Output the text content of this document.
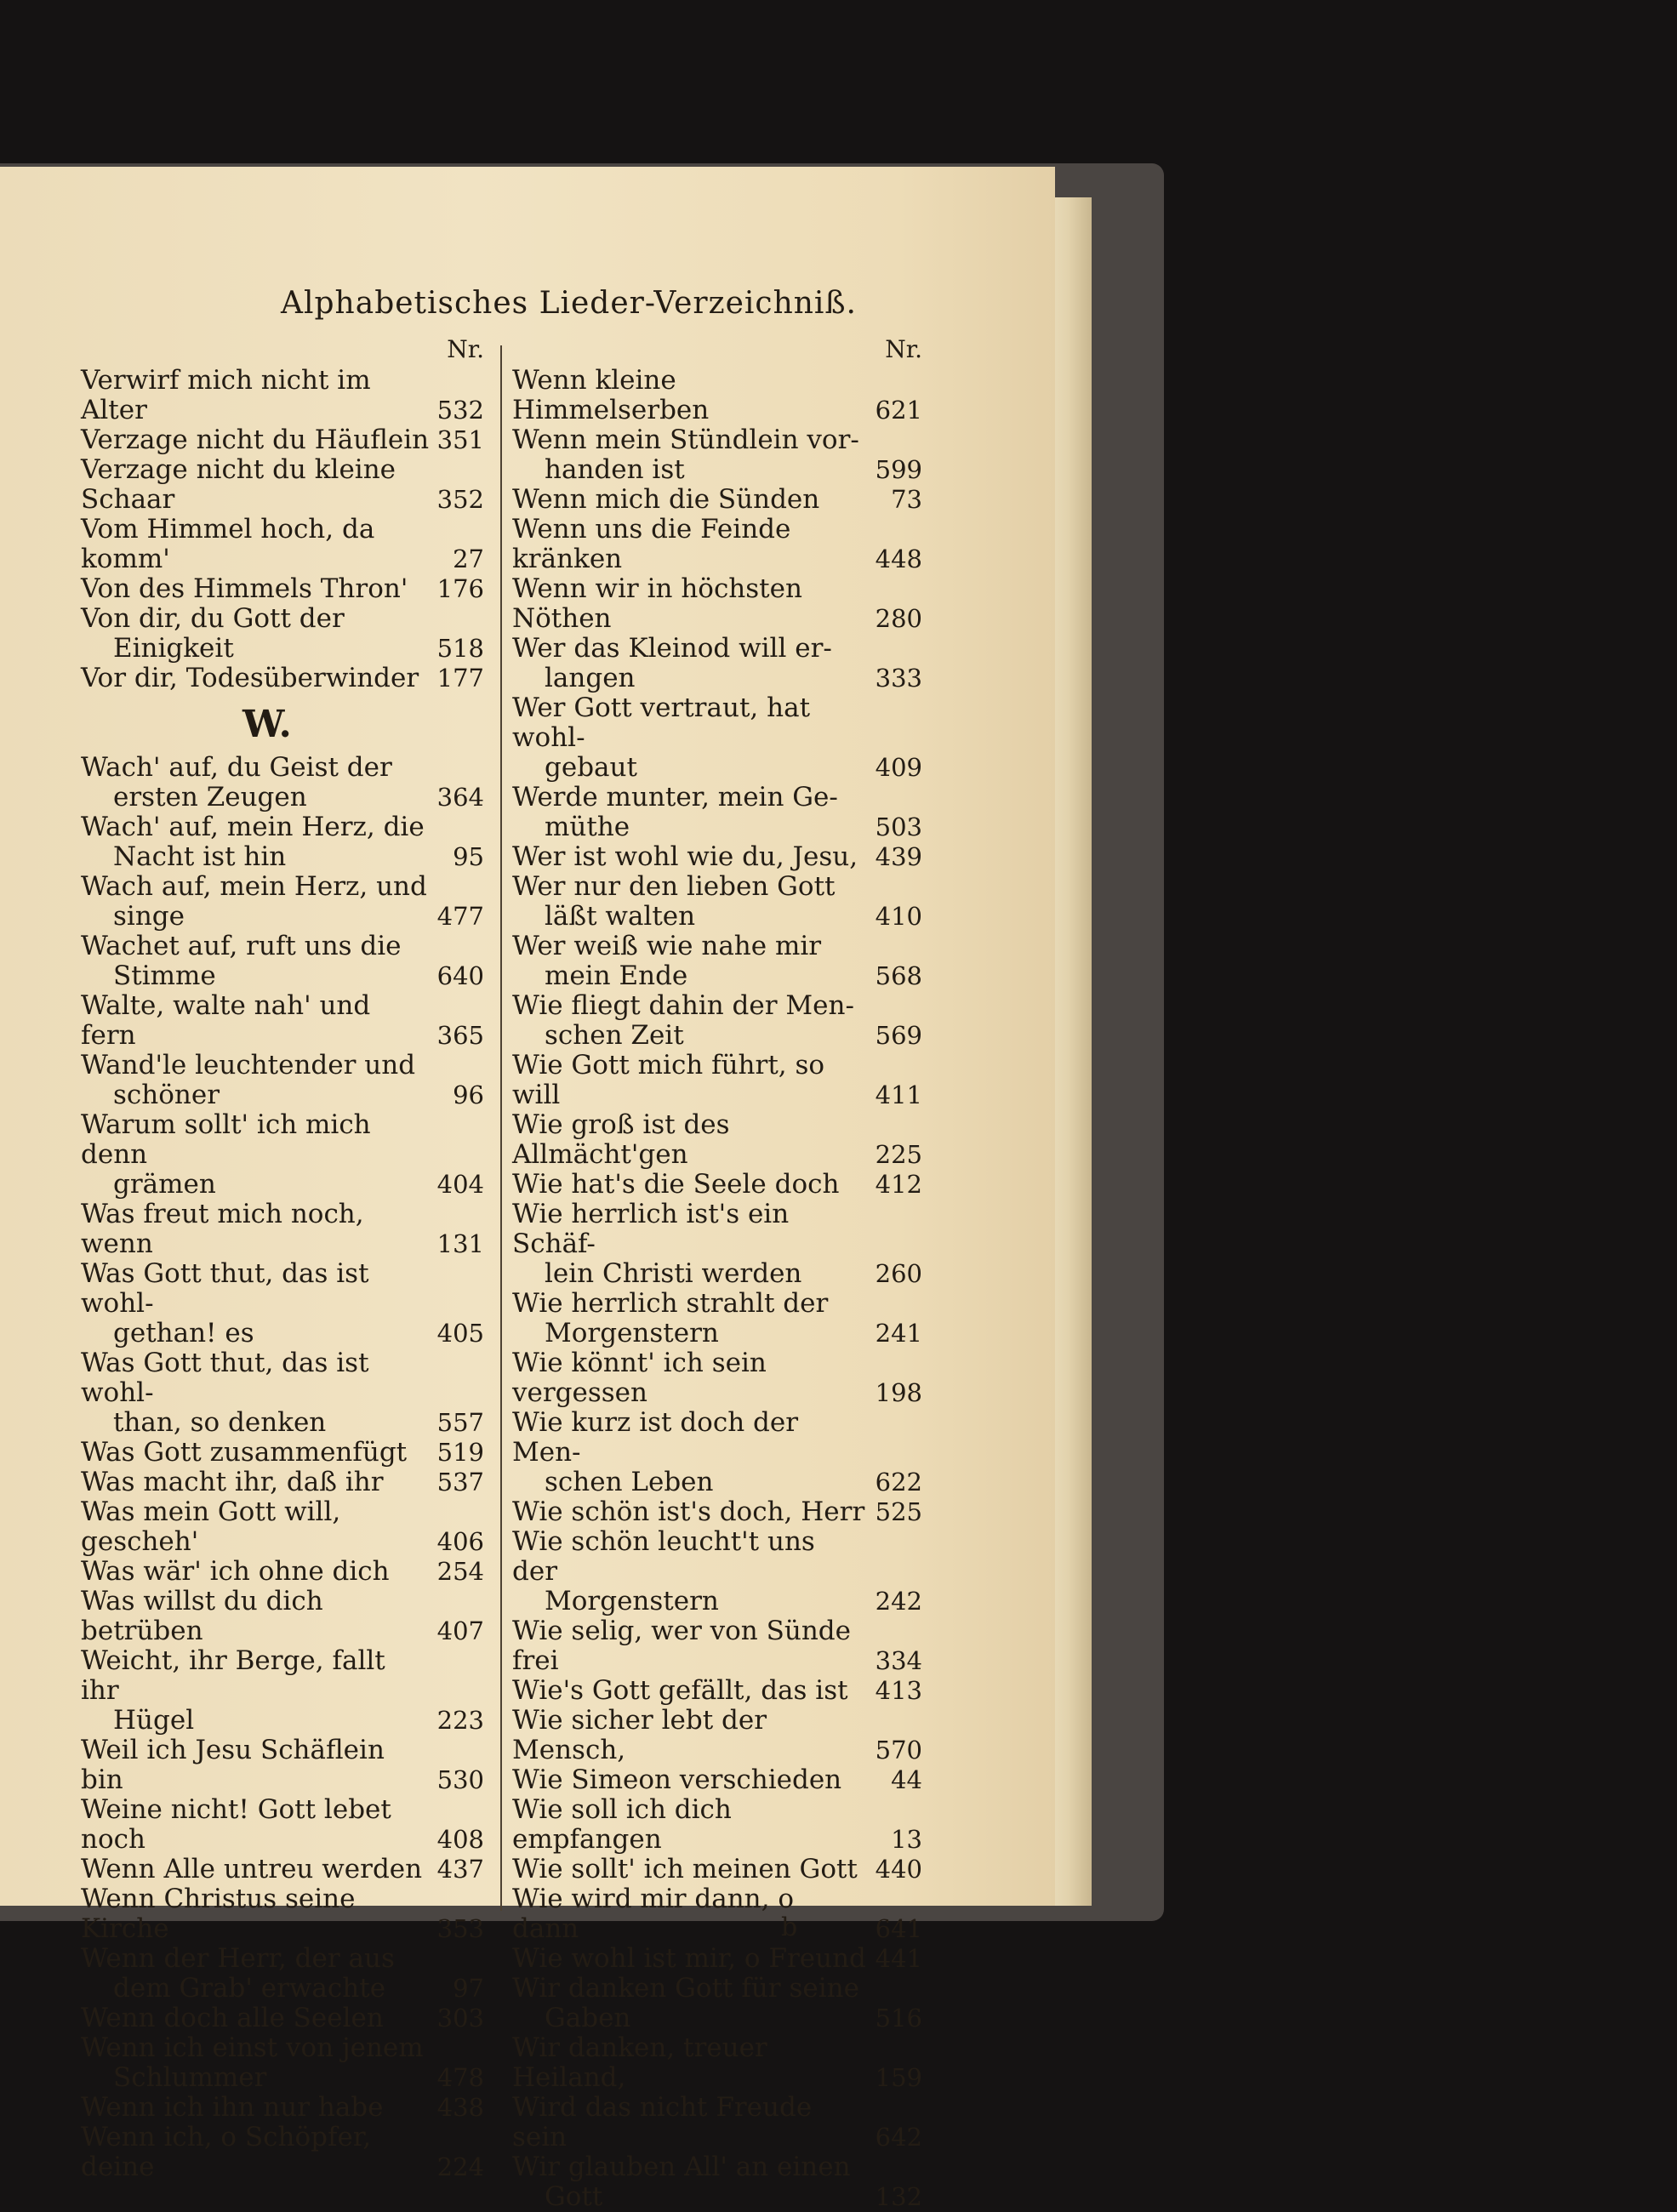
Alphabetisches Lieder-Verzeichniß.
Nr.
Verwirf mich nicht im Alter	532
Verzage nicht du Häuflein 351
Verzage nicht du kleine Schaar	352
Vom Himmel hoch, da komm'	27
Von des Himmels Thron'	176
Von dir, du Gott der
Einigkeit	518
Vor dir, Todesüberwinder 177
W.
Wach' auf, du Geist der
ersten Zeugen	364
Wach' auf, mein Herz, die
Nacht ist hin	95
Wach auf, mein Herz, und
singe	477
Wachet auf, ruft uns die
Stimme	640
Walte, walte nah' und fern	365
Wand'le leuchtender und
schöner	96
Warum sollt' ich mich denn
grämen	404
Was freut mich noch, wenn	131
Was Gott thut, das ist wohl-
gethan! es	405
Was Gott thut, das ist wohl-
than, so denken	557
Was Gott zusammenfügt	519
Was macht ihr, daß ihr	537
Was mein Gott will, gescheh'	406
Was wär' ich ohne dich	254
Was willst du dich betrüben	407
Weicht, ihr Berge, fallt ihr
Hügel	223
Weil ich Jesu Schäflein bin	530
Weine nicht! Gott lebet noch	408
Wenn Alle untreu werden 437
Wenn Christus seine Kirche	353
Wenn der Herr, der aus
dem Grab' erwachte	97
Wenn doch alle Seelen	303
Wenn ich einst von jenem
Schlummer	478
Wenn ich ihn nur habe	438
Wenn ich, o Schöpfer, deine	224
Nr.
Wenn kleine Himmelserben	621
Wenn mein Stündlein vor-
handen ist	599
Wenn mich die Sünden	73
Wenn uns die Feinde kränken	448
Wenn wir in höchsten Nöthen	280
Wer das Kleinod will er-
langen	333
Wer Gott vertraut, hat wohl-
gebaut	409
Werde munter, mein Ge-
müthe	503
Wer ist wohl wie du, Jesu, 439
Wer nur den lieben Gott
läßt walten	410
Wer weiß wie nahe mir
mein Ende	568
Wie fliegt dahin der Men-
schen Zeit	569
Wie Gott mich führt, so will	411
Wie groß ist des Allmächt'gen	225
Wie hat's die Seele doch	412
Wie herrlich ist's ein Schäf-
lein Christi werden	260
Wie herrlich strahlt der
Morgenstern	241
Wie könnt' ich sein vergessen	198
Wie kurz ist doch der Men-
schen Leben	622
Wie schön ist's doch, Herr 525
Wie schön leucht't uns der
Morgenstern	242
Wie selig, wer von Sünde frei	334
Wie's Gott gefällt, das ist	413
Wie sicher lebt der Mensch,	570
Wie Simeon verschieden	44
Wie soll ich dich empfangen	13
Wie sollt' ich meinen Gott 440
Wie wird mir dann, o dann	641
Wie wohl ist mir, o Freund 441
Wir danken Gott für seine
Gaben	516
Wir danken, treuer Heiland,	159
Wird das nicht Freude sein	642
Wir glauben All' an einen
Gott	132
b
